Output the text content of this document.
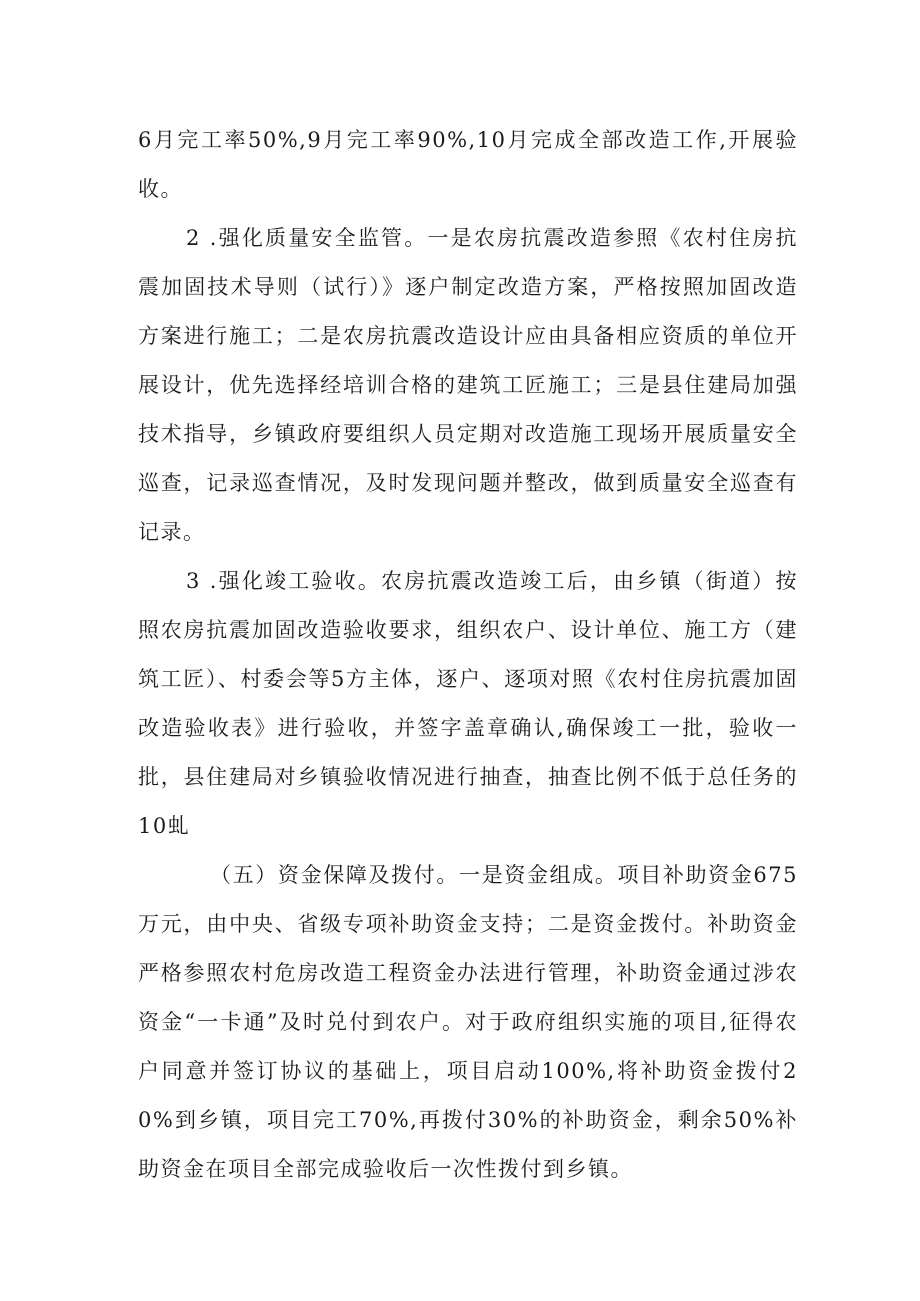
6月完工率50%,9月完工率90%,10月完成全部改造工作,开展验收。

2 .强化质量安全监管。一是农房抗震改造参照《农村住房抗震加固技术导则（试行）》逐户制定改造方案，严格按照加固改造方案进行施工；二是农房抗震改造设计应由具备相应资质的单位开展设计，优先选择经培训合格的建筑工匠施工；三是县住建局加强技术指导，乡镇政府要组织人员定期对改造施工现场开展质量安全巡查，记录巡查情况，及时发现问题并整改，做到质量安全巡查有记录。

3 .强化竣工验收。农房抗震改造竣工后，由乡镇（街道）按照农房抗震加固改造验收要求，组织农户、设计单位、施工方（建筑工匠）、村委会等5方主体，逐户、逐项对照《农村住房抗震加固改造验收表》进行验收，并签字盖章确认,确保竣工一批，验收一批，县住建局对乡镇验收情况进行抽查，抽查比例不低于总任务的10虬

（五）资金保障及拨付。一是资金组成。项目补助资金675万元，由中央、省级专项补助资金支持；二是资金拨付。补助资金严格参照农村危房改造工程资金办法进行管理，补助资金通过涉农资金“一卡通”及时兑付到农户。对于政府组织实施的项目,征得农户同意并签订协议的基础上，项目启动100%,将补助资金拨付20%到乡镇，项目完工70%,再拨付30%的补助资金，剩余50%补助资金在项目全部完成验收后一次性拨付到乡镇。
